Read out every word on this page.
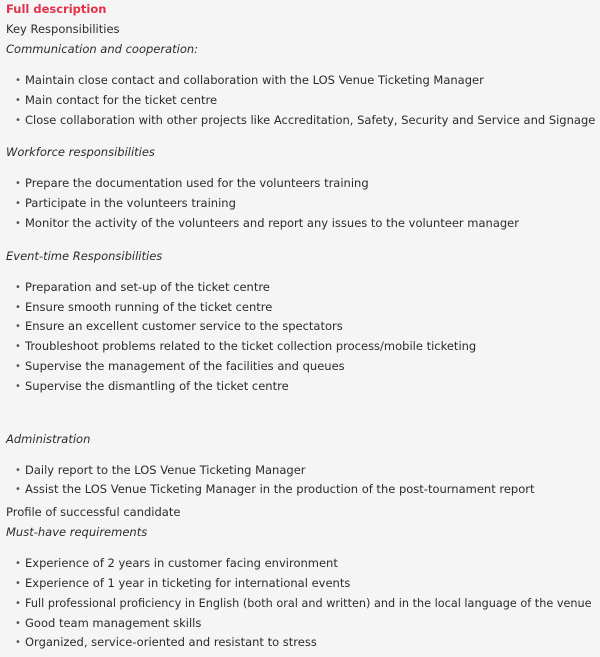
Full description
Key Responsibilities
Communication and cooperation:
• Maintain close contact and collaboration with the LOS Venue Ticketing Manager
• Main contact for the ticket centre
• Close collaboration with other projects like Accreditation, Safety, Security and Service and Signage
Workforce responsibilities
• Prepare the documentation used for the volunteers training
• Participate in the volunteers training
• Monitor the activity of the volunteers and report any issues to the volunteer manager
Event-time Responsibilities
• Preparation and set-up of the ticket centre
• Ensure smooth running of the ticket centre
• Ensure an excellent customer service to the spectators
• Troubleshoot problems related to the ticket collection process/mobile ticketing
• Supervise the management of the facilities and queues
• Supervise the dismantling of the ticket centre
Administration
• Daily report to the LOS Venue Ticketing Manager
• Assist the LOS Venue Ticketing Manager in the production of the post-tournament report
Profile of successful candidate
Must-have requirements
• Experience of 2 years in customer facing environment
• Experience of 1 year in ticketing for international events
• Full professional proficiency in English (both oral and written) and in the local language of the venue
• Good team management skills
• Organized, service-oriented and resistant to stress
